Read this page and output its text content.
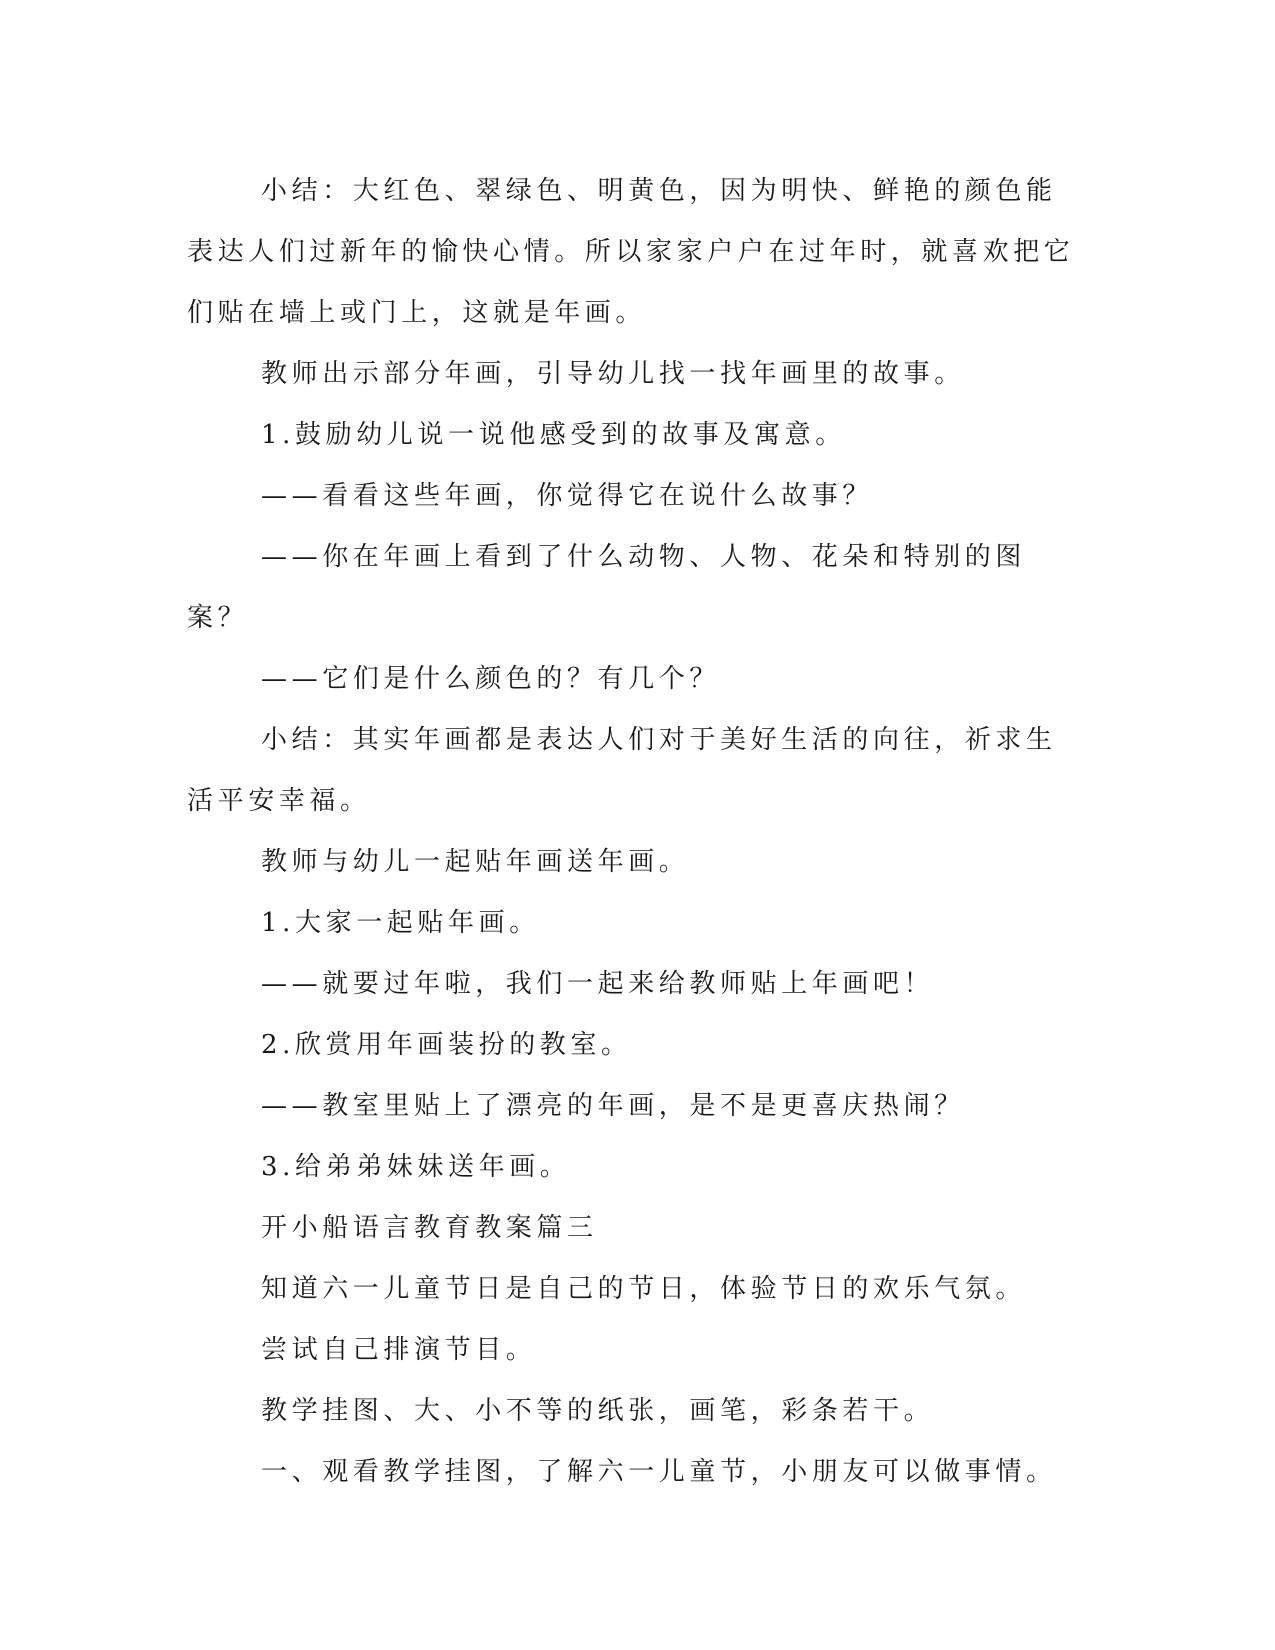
小结：大红色、翠绿色、明黄色，因为明快、鲜艳的颜色能表达人们过新年的愉快心情。所以家家户户在过年时，就喜欢把它们贴在墙上或门上，这就是年画。

教师出示部分年画，引导幼儿找一找年画里的故事。

1.鼓励幼儿说一说他感受到的故事及寓意。

——看看这些年画，你觉得它在说什么故事？

——你在年画上看到了什么动物、人物、花朵和特别的图案？

——它们是什么颜色的？有几个？

小结：其实年画都是表达人们对于美好生活的向往，祈求生活平安幸福。

教师与幼儿一起贴年画送年画。

1.大家一起贴年画。

——就要过年啦，我们一起来给教师贴上年画吧！

2.欣赏用年画装扮的教室。

——教室里贴上了漂亮的年画，是不是更喜庆热闹？

3.给弟弟妹妹送年画。

开小船语言教育教案篇三

知道六一儿童节日是自己的节日，体验节日的欢乐气氛。

尝试自己排演节目。

教学挂图、大、小不等的纸张，画笔，彩条若干。

一、观看教学挂图，了解六一儿童节，小朋友可以做事情。
